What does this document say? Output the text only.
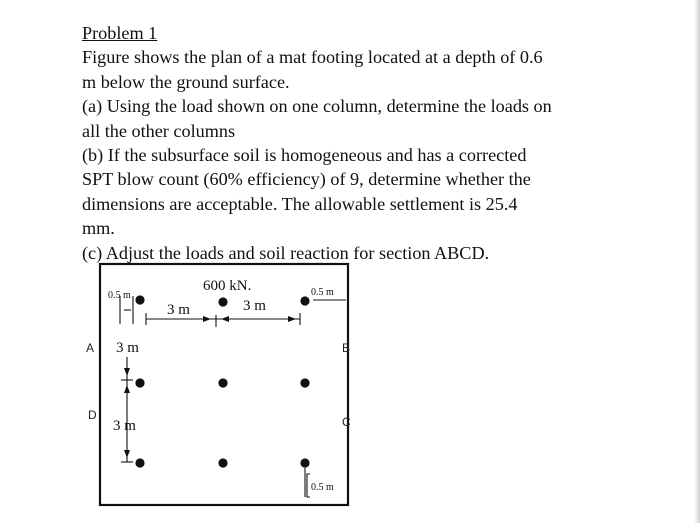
Problem 1

Figure shows the plan of a mat footing located at a depth of 0.6

m below the ground surface.

(a) Using the load shown on one column, determine the loads on

all the other columns

(b) If the subsurface soil is homogeneous and has a corrected

SPT blow count (60% efficiency) of 9, determine whether the

dimensions are acceptable. The allowable settlement is 25.4

mm.

(c) Adjust the loads and soil reaction for section ABCD.

0.5 m	0.5 m
3 m	3 m
600 kN.
3 m
3 m
0.5 m
A	B
C
D
